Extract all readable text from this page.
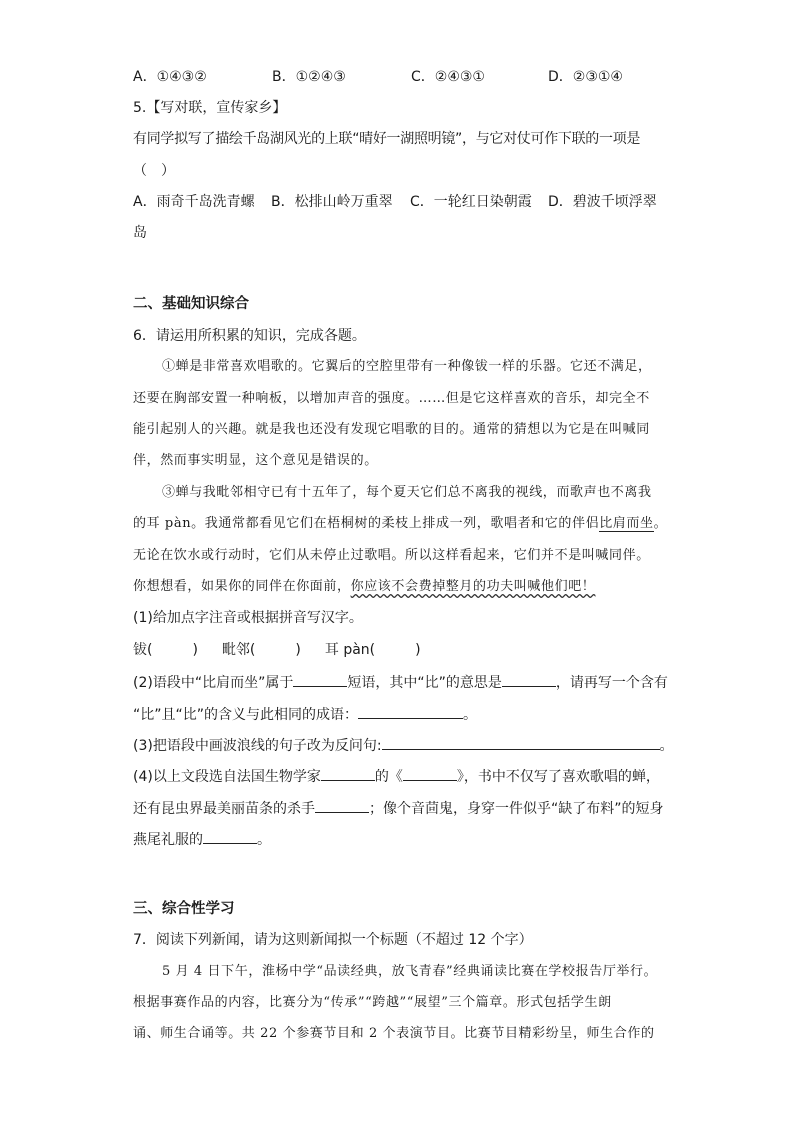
A．①④③②	B．①②④③	C．②④③①	D．②③①④
5.【写对联，宣传家乡】
有同学拟写了描绘千岛湖风光的上联“晴好一湖照明镜”，与它对仗可作下联的一项是
（　）
A．雨奇千岛洗青螺 B．松排山岭万重翠 C．一轮红日染朝霞 D．碧波千顷浮翠
岛
二、基础知识综合
6．请运用所积累的知识，完成各题。
①蝉是非常喜欢唱歌的。它翼后的空腔里带有一种像钹一样的乐器。它还不满足，
还要在胸部安置一种响板，以增加声音的强度。……但是它这样喜欢的音乐，却完全不
能引起别人的兴趣。就是我也还没有发现它唱歌的目的。通常的猜想以为它是在叫喊同
伴，然而事实明显，这个意见是错误的。
③蝉与我毗邻相守已有十五年了，每个夏天它们总不离我的视线，而歌声也不离我
的耳 pàn。我通常都看见它们在梧桐树的柔枝上排成一列，歌唱者和它的伴侣比肩而坐。
无论在饮水或行动时，它们从未停止过歌唱。所以这样看起来，它们并不是叫喊同伴。
你想想看，如果你的同伴在你面前，你应该不会费掉整月的功夫叫喊他们吧！
(1)给加点字注音或根据拼音写汉字。
钹(	) 毗邻(	) 耳 pàn(	)
(2)语段中“比肩而坐”属于	短语，其中“比”的意思是	，请再写一个含有
“比”且“比”的含义与此相同的成语：	。
(3)把语段中画波浪线的句子改为反问句:	。
(4)以上文段选自法国生物学家	的《	》，书中不仅写了喜欢歌唱的蝉，
还有昆虫界最美丽苗条的杀手	；像个音茴鬼，身穿一件似乎“缺了布料”的短身
燕尾礼服的	。
三、综合性学习
7．阅读下列新闻，请为这则新闻拟一个标题（不超过 12 个字）
5 月 4 日下午，淮杨中学“品读经典，放飞青春”经典诵读比赛在学校报告厅举行。
根据事赛作品的内容，比赛分为“传承”“跨越”“展望”三个篇章。形式包括学生朗
诵、师生合诵等。共 22 个参赛节目和 2 个表演节目。比赛节目精彩纷呈，师生合作的
